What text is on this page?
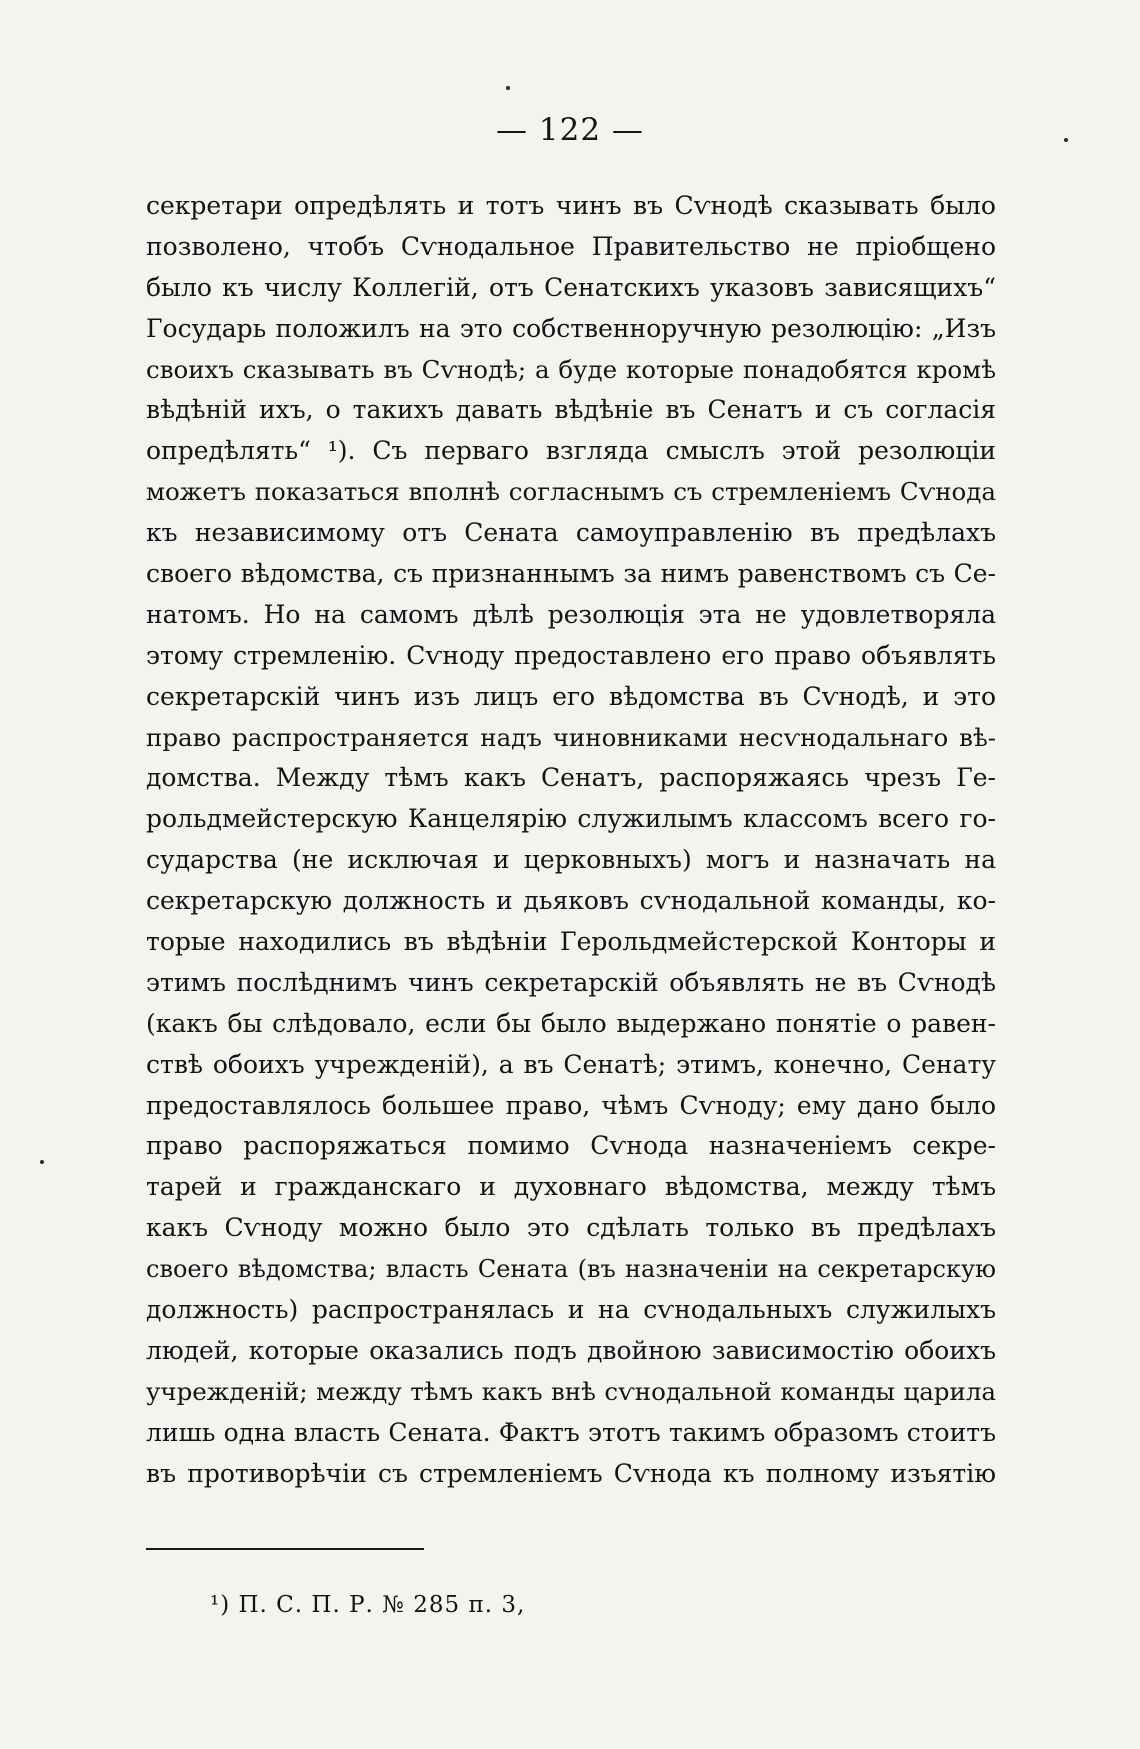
— 122 —
секретари опредѣлять и тотъ чинъ въ Сѵнодѣ сказывать было
позволено, чтобъ Сѵнодальное Правительство не пріобщено
было къ числу Коллегій, отъ Сенатскихъ указовъ зависящихъ“
Государь положилъ на это собственноручную резолюцію: „Изъ
своихъ сказывать въ Сѵнодѣ; а буде которые понадобятся кромѣ
вѣдѣній ихъ, о такихъ давать вѣдѣніе въ Сенатъ и съ согласія
опредѣлять“ ¹). Съ перваго взгляда смыслъ этой резолюціи
можетъ показаться вполнѣ согласнымъ съ стремленіемъ Сѵнода
къ независимому отъ Сената самоуправленію въ предѣлахъ
своего вѣдомства, съ признаннымъ за нимъ равенствомъ съ Се-
натомъ. Но на самомъ дѣлѣ резолюція эта не удовлетворяла
этому стремленію. Сѵноду предоставлено его право объявлять
секретарскій чинъ изъ лицъ его вѣдомства въ Сѵнодѣ, и это
право распространяется надъ чиновниками несѵнодальнаго вѣ-
домства. Между тѣмъ какъ Сенатъ, распоряжаясь чрезъ Ге-
рольдмейстерскую Канцелярію служилымъ классомъ всего го-
сударства (не исключая и церковныхъ) могъ и назначать на
секретарскую должность и дьяковъ сѵнодальной команды, ко-
торые находились въ вѣдѣніи Герольдмейстерской Конторы и
этимъ послѣднимъ чинъ секретарскій объявлять не въ Сѵнодѣ
(какъ бы слѣдовало, если бы было выдержано понятіе о равен-
ствѣ обоихъ учрежденій), а въ Сенатѣ; этимъ, конечно, Сенату
предоставлялось большее право, чѣмъ Сѵноду; ему дано было
право распоряжаться помимо Сѵнода назначеніемъ секре-
тарей и гражданскаго и духовнаго вѣдомства, между тѣмъ
какъ Сѵноду можно было это сдѣлать только въ предѣлахъ
своего вѣдомства; власть Сената (въ назначеніи на секретарскую
должность) распространялась и на сѵнодальныхъ служилыхъ
людей, которые оказались подъ двойною зависимостію обоихъ
учрежденій; между тѣмъ какъ внѣ сѵнодальной команды царила
лишь одна власть Сената. Фактъ этотъ такимъ образомъ стоитъ
въ противорѣчіи съ стремленіемъ Сѵнода къ полному изъятію
¹) П. С. П. Р. № 285 п. 3,
